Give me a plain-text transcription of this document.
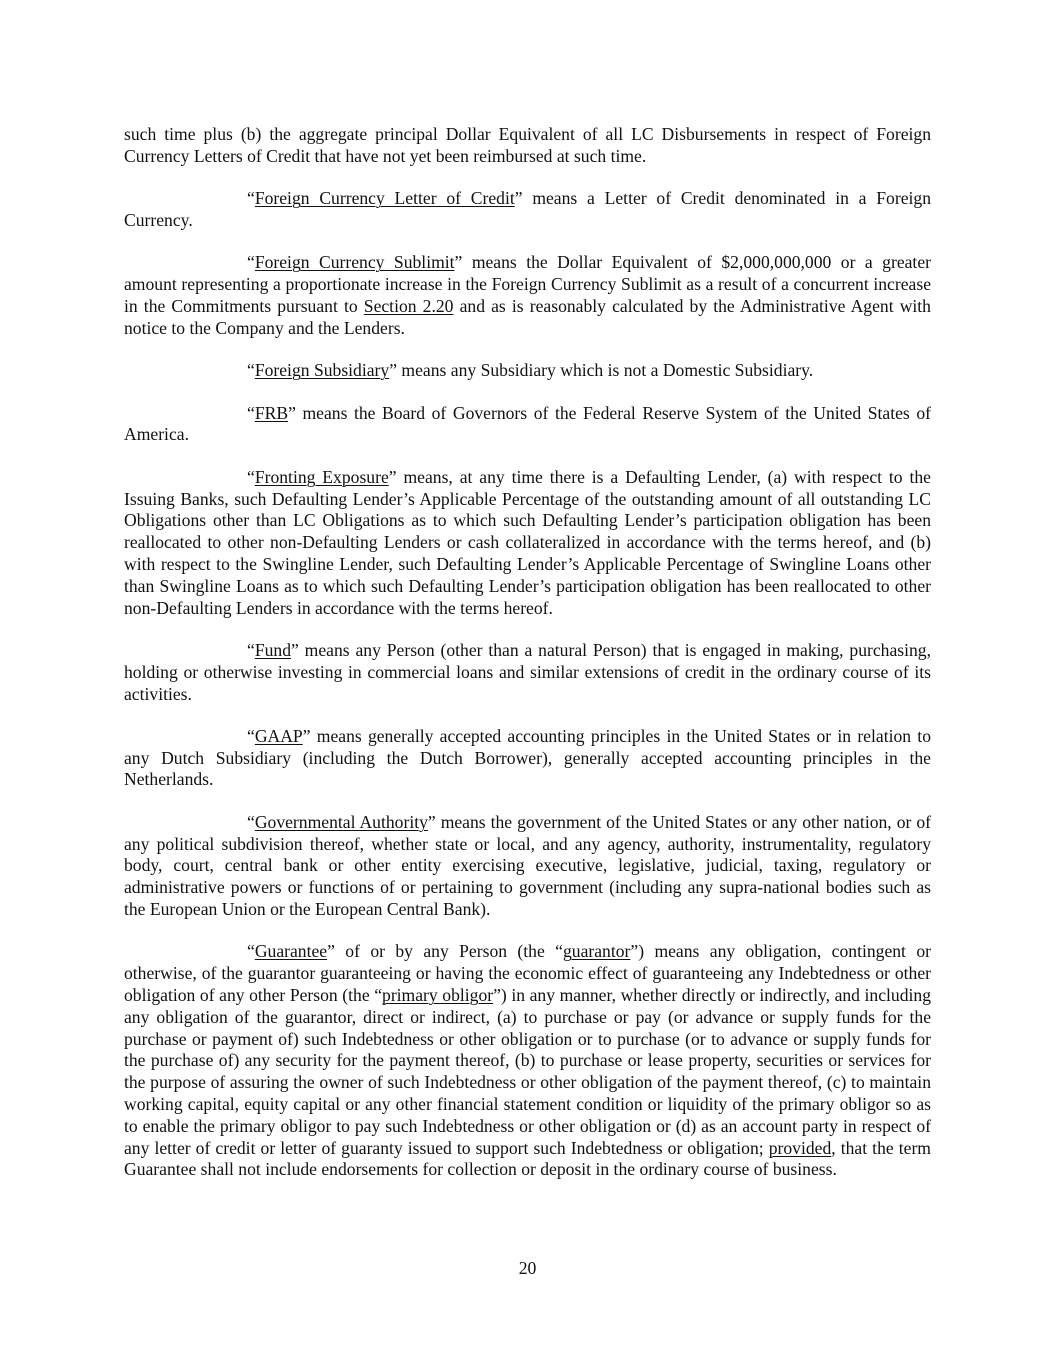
such time plus (b) the aggregate principal Dollar Equivalent of all LC Disbursements in respect of Foreign Currency Letters of Credit that have not yet been reimbursed at such time.

“Foreign Currency Letter of Credit” means a Letter of Credit denominated in a Foreign Currency.

“Foreign Currency Sublimit” means the Dollar Equivalent of $2,000,000,000 or a greater amount representing a proportionate increase in the Foreign Currency Sublimit as a result of a concurrent increase in the Commitments pursuant to Section 2.20 and as is reasonably calculated by the Administrative Agent with notice to the Company and the Lenders.

“Foreign Subsidiary” means any Subsidiary which is not a Domestic Subsidiary.

“FRB” means the Board of Governors of the Federal Reserve System of the United States of America.

“Fronting Exposure” means, at any time there is a Defaulting Lender, (a) with respect to the Issuing Banks, such Defaulting Lender’s Applicable Percentage of the outstanding amount of all outstanding LC Obligations other than LC Obligations as to which such Defaulting Lender’s participation obligation has been reallocated to other non-Defaulting Lenders or cash collateralized in accordance with the terms hereof, and (b) with respect to the Swingline Lender, such Defaulting Lender’s Applicable Percentage of Swingline Loans other than Swingline Loans as to which such Defaulting Lender’s participation obligation has been reallocated to other non-Defaulting Lenders in accordance with the terms hereof.

“Fund” means any Person (other than a natural Person) that is engaged in making, purchasing, holding or otherwise investing in commercial loans and similar extensions of credit in the ordinary course of its activities.

“GAAP” means generally accepted accounting principles in the United States or in relation to any Dutch Subsidiary (including the Dutch Borrower), generally accepted accounting principles in the Netherlands.

“Governmental Authority” means the government of the United States or any other nation, or of any political subdivision thereof, whether state or local, and any agency, authority, instrumentality, regulatory body, court, central bank or other entity exercising executive, legislative, judicial, taxing, regulatory or administrative powers or functions of or pertaining to government (including any supra-national bodies such as the European Union or the European Central Bank).

“Guarantee” of or by any Person (the “guarantor”) means any obligation, contingent or otherwise, of the guarantor guaranteeing or having the economic effect of guaranteeing any Indebtedness or other obligation of any other Person (the “primary obligor”) in any manner, whether directly or indirectly, and including any obligation of the guarantor, direct or indirect, (a) to purchase or pay (or advance or supply funds for the purchase or payment of) such Indebtedness or other obligation or to purchase (or to advance or supply funds for the purchase of) any security for the payment thereof, (b) to purchase or lease property, securities or services for the purpose of assuring the owner of such Indebtedness or other obligation of the payment thereof, (c) to maintain working capital, equity capital or any other financial statement condition or liquidity of the primary obligor so as to enable the primary obligor to pay such Indebtedness or other obligation or (d) as an account party in respect of any letter of credit or letter of guaranty issued to support such Indebtedness or obligation; provided, that the term Guarantee shall not include endorsements for collection or deposit in the ordinary course of business.

20
